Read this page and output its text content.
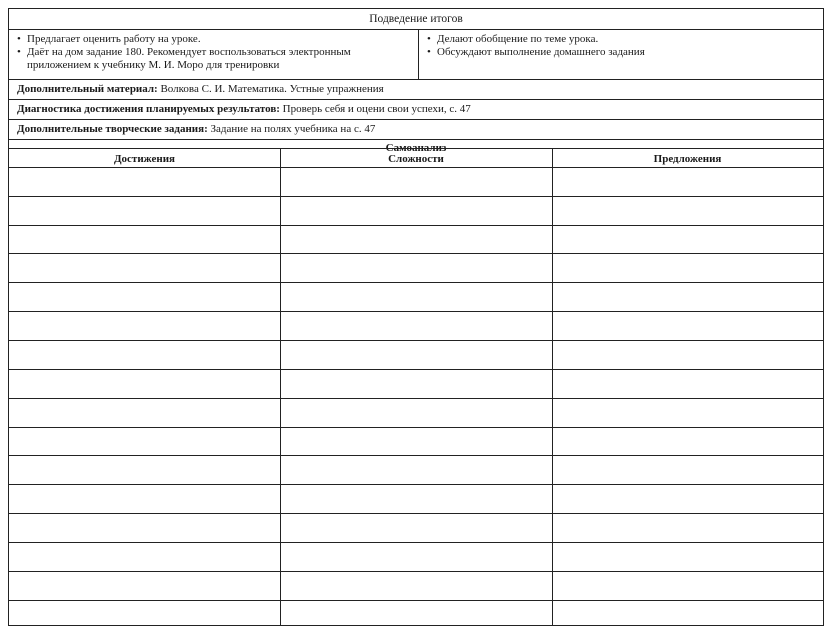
Подведение итогов
• Предлагает оценить работу на уроке.
• Даёт на дом задание 180. Рекомендует воспользоваться электронным приложением к учебнику М. И. Моро для тренировки
• Делают обобщение по теме урока.
• Обсуждают выполнение домашнего задания
Дополнительный материал: Волкова С. И. Математика. Устные упражнения
Диагностика достижения планируемых результатов: Проверь себя и оцени свои успехи, с. 47
Дополнительные творческие задания: Задание на полях учебника на с. 47
Самоанализ
Достижения	Сложности	Предложения
